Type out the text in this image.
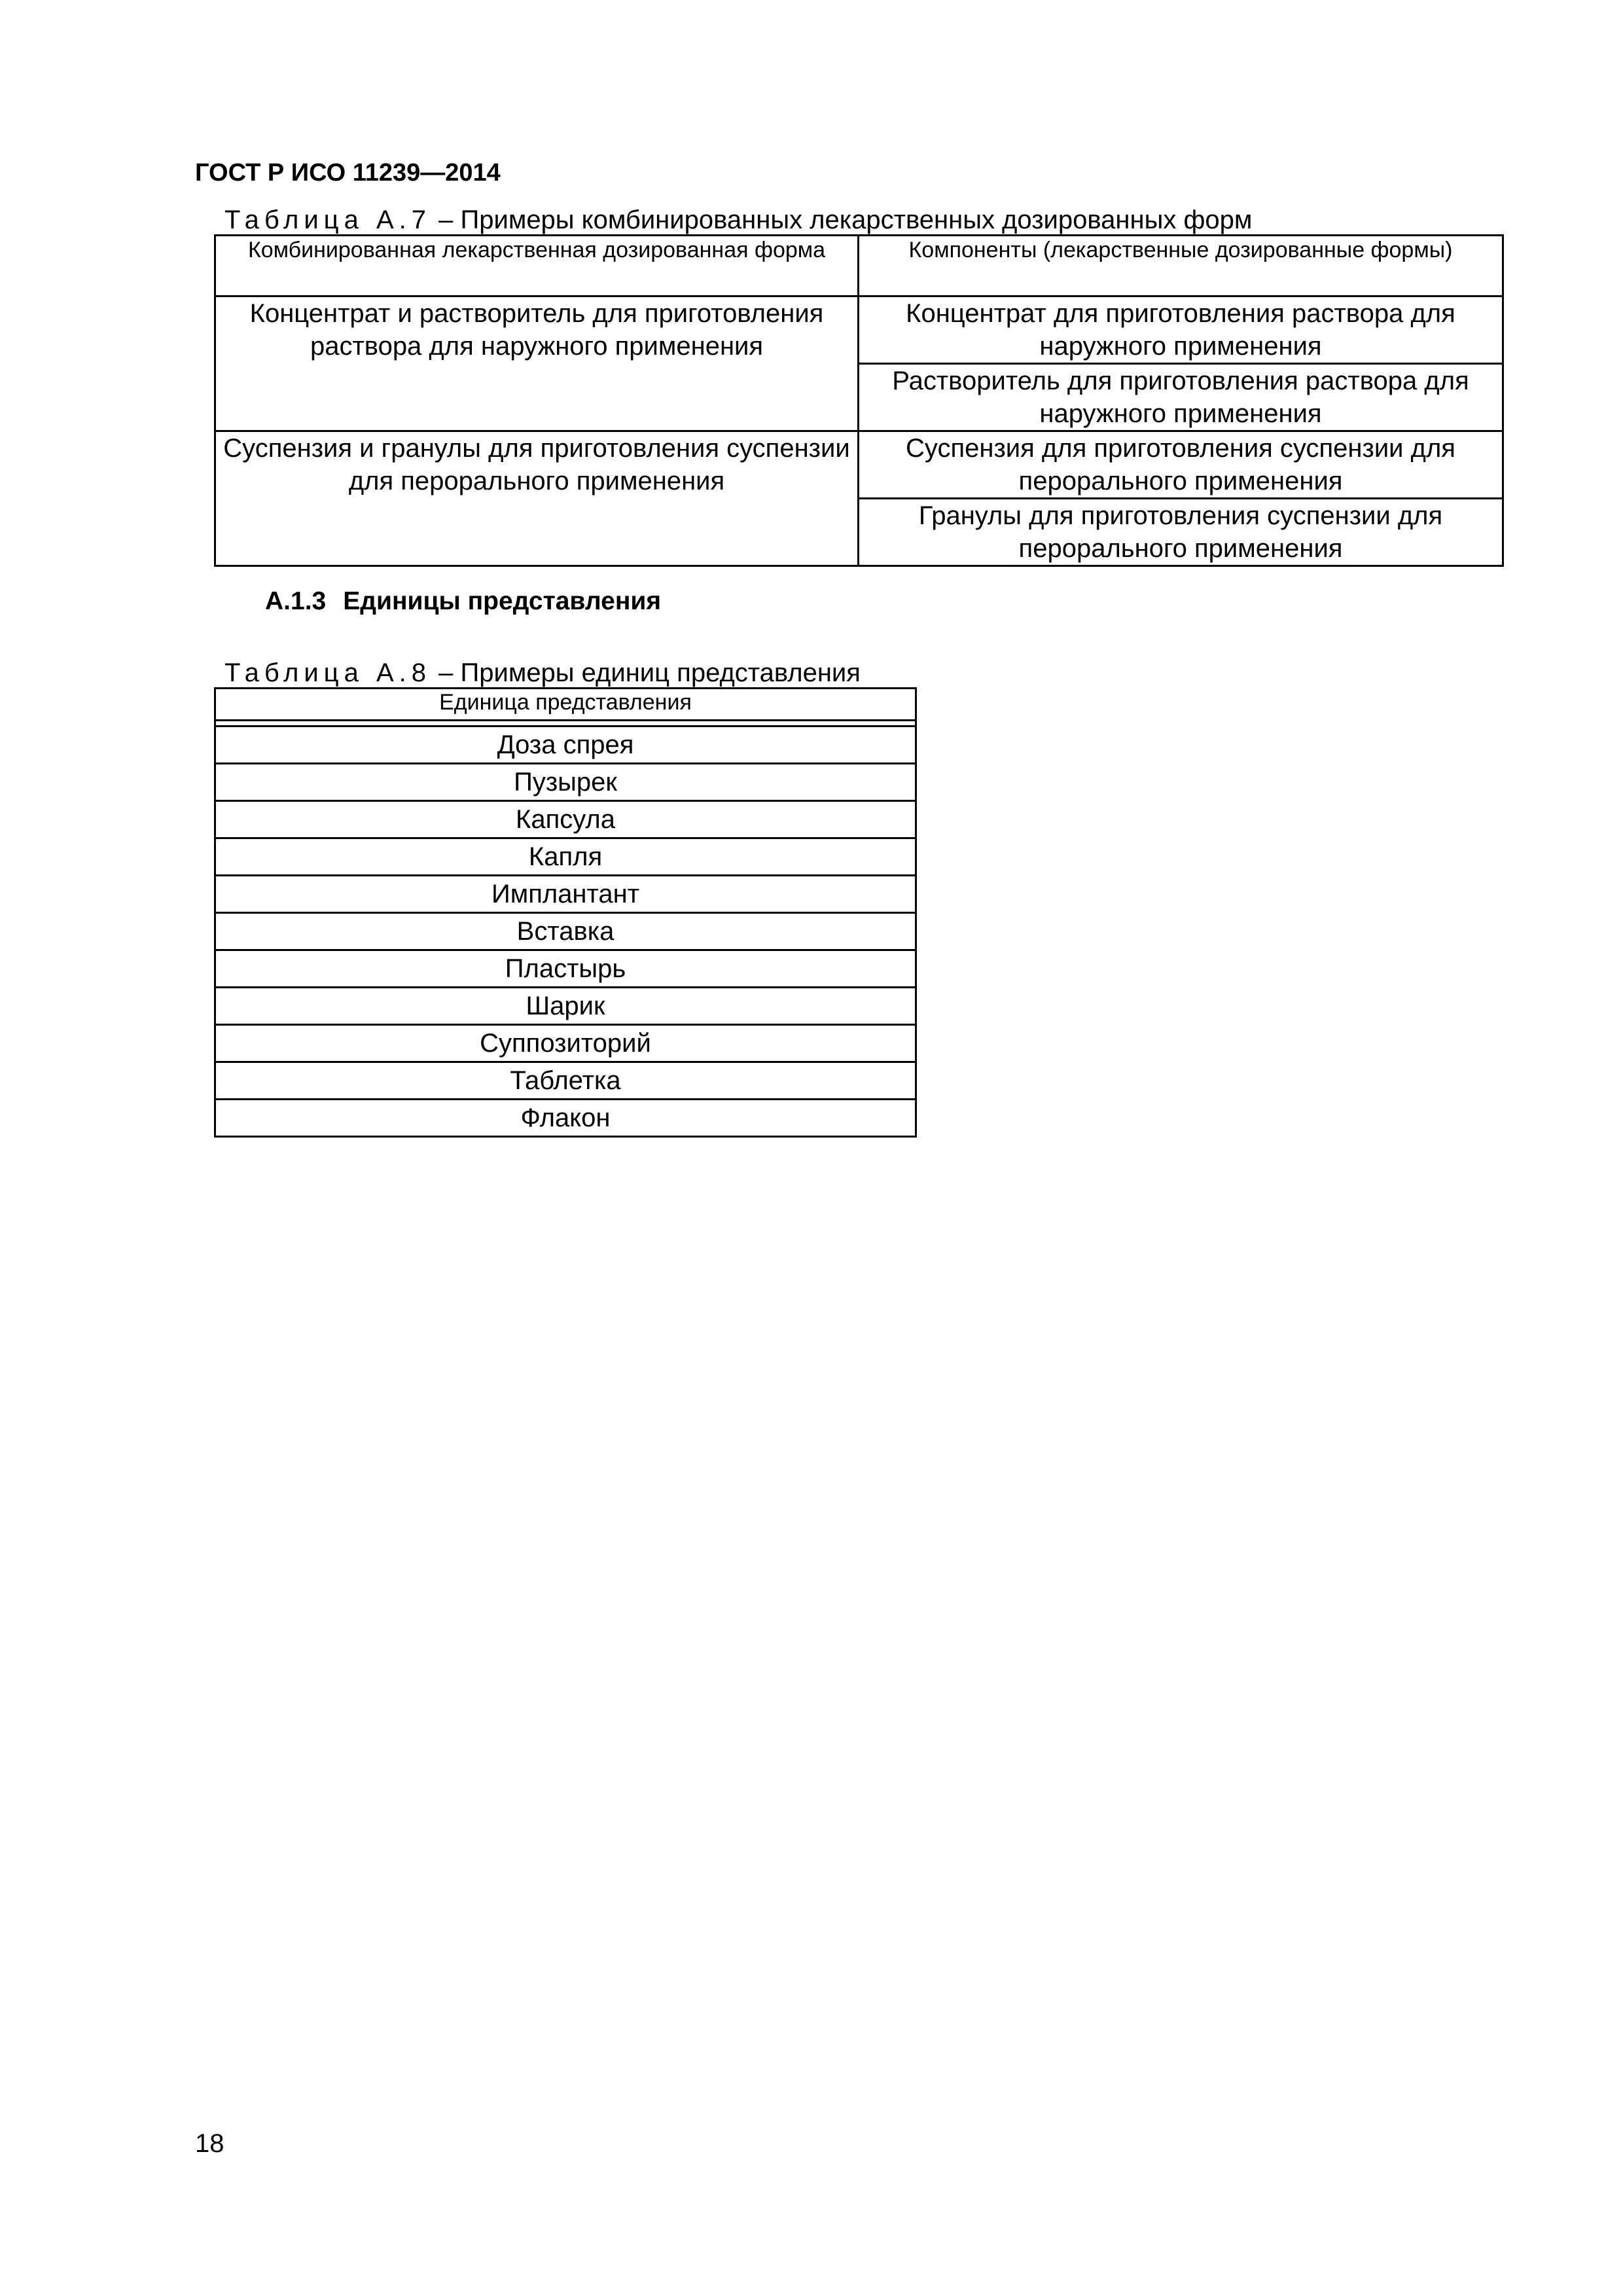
ГОСТ Р ИСО 11239—2014
Таблица А.7 – Примеры комбинированных лекарственных дозированных форм
Комбинированная лекарственная дозированная форма	Компоненты (лекарственные дозированные формы)
Концентрат и растворитель для приготовления раствора для наружного применения	Концентрат для приготовления раствора для наружного применения
	Растворитель для приготовления раствора для наружного применения
Суспензия и гранулы для приготовления суспензии для перорального применения	Суспензия для приготовления суспензии для перорального применения
	Гранулы для приготовления суспензии для перорального применения
А.1.3 Единицы представления
Таблица А.8 – Примеры единиц представления
Единица представления

Доза спрея
Пузырек
Капсула
Капля
Имплантант
Вставка
Пластырь
Шарик
Суппозиторий
Таблетка
Флакон
18
